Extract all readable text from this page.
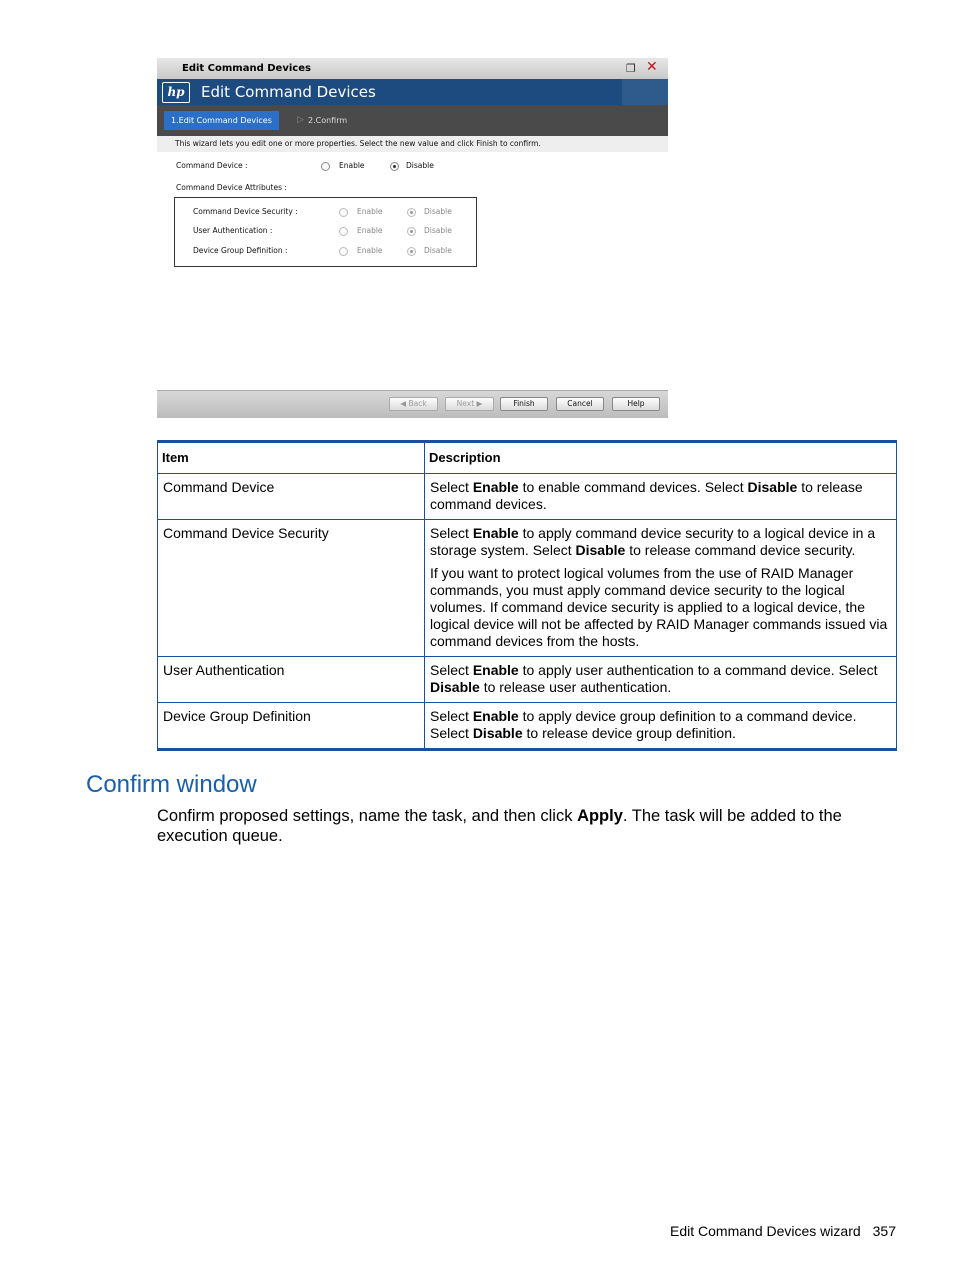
Edit Command Devices	❐ ✕
hp	Edit Command Devices
1.Edit Command Devices	▷ 2.Confirm
This wizard lets you edit one or more properties. Select the new value and click Finish to confirm.
Command Device :	Enable	Disable
Command Device Attributes :
Command Device Security :	Enable	Disable
User Authentication :	Enable	Disable
Device Group Definition :	Enable	Disable
◀ Back	Next ▶	Finish	Cancel	Help
Item	Description
Command Device	Select Enable to enable command devices. Select Disable to release command devices.

Command Device Security	Select Enable to apply command device security to a logical device in a storage system. Select Disable to release command device security.

If you want to protect logical volumes from the use of RAID Manager commands, you must apply command device security to the logical volumes. If command device security is applied to a logical device, the logical device will not be affected by RAID Manager commands issued via command devices from the hosts.

User Authentication	Select Enable to apply user authentication to a command device. Select Disable to release user authentication.

Device Group Definition	Select Enable to apply device group definition to a command device. Select Disable to release device group definition.

Confirm window

Confirm proposed settings, name the task, and then click Apply. The task will be added to the execution queue.

Edit Command Devices wizard 357
